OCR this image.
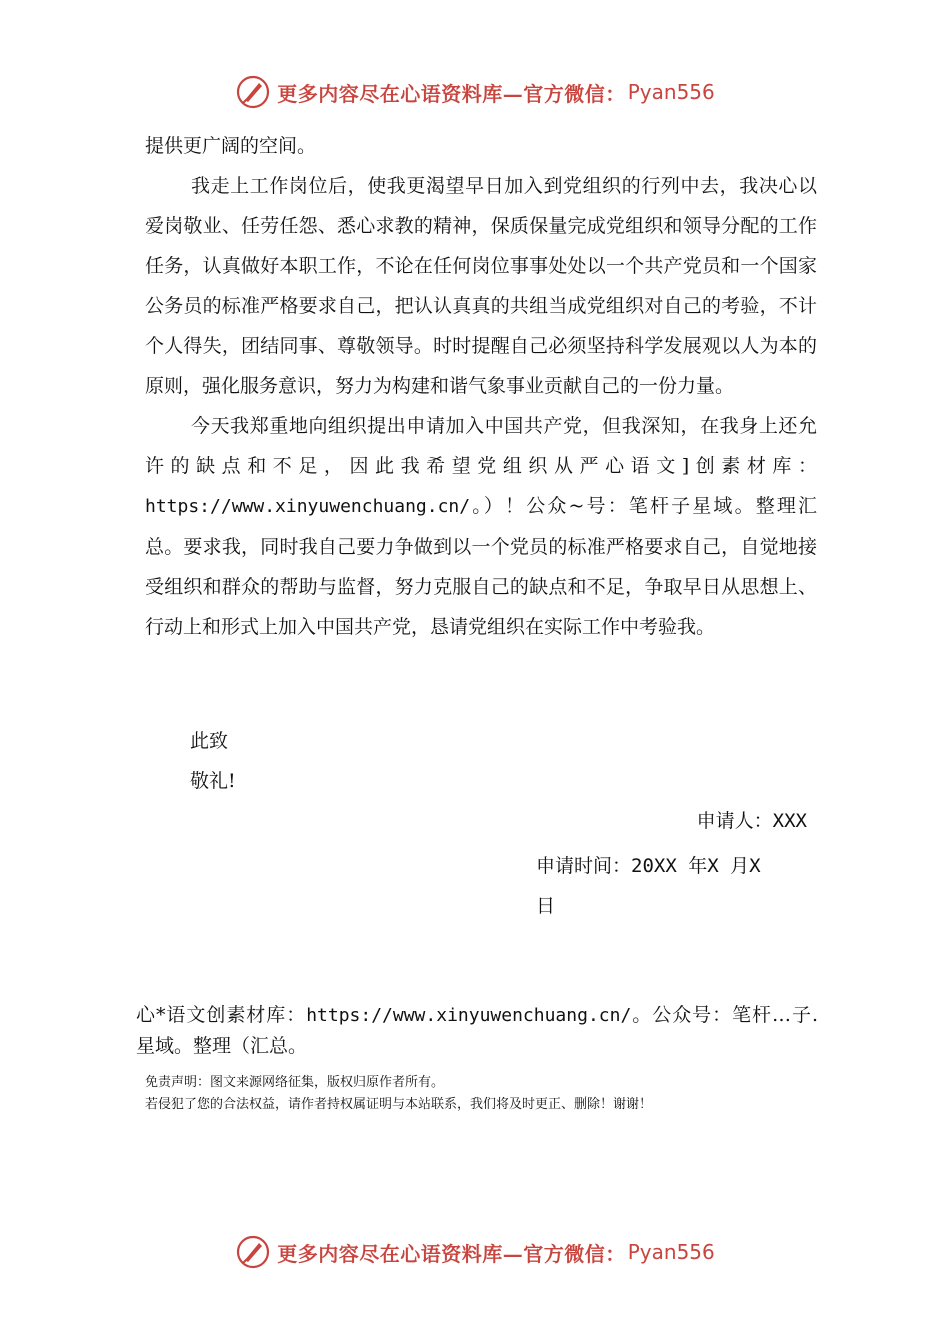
更多内容尽在心语资料库—官方微信： Pyan556

提供更广阔的空间。

我走上工作岗位后，使我更渴望早日加入到党组织的行列中去，我决心以爱岗敬业、任劳任怨、悉心求教的精神，保质保量完成党组织和领导分配的工作任务，认真做好本职工作，不论在任何岗位事事处处以一个共产党员和一个国家公务员的标准严格要求自己，把认认真真的共组当成党组织对自己的考验，不计个人得失，团结同事、尊敬领导。时时提醒自己必须坚持科学发展观以人为本的原则，强化服务意识，努力为构建和谐气象事业贡献自己的一份力量。

今天我郑重地向组织提出申请加入中国共产党，但我深知，在我身上还允许的缺点和不足，因此我希望党组织从严心语文]创素材库：https://www.xinyuwenchuang.cn/。）！公众~号：笔杆子星域。整理汇总。要求我，同时我自己要力争做到以一个党员的标准严格要求自己，自觉地接受组织和群众的帮助与监督，努力克服自己的缺点和不足，争取早日从思想上、行动上和形式上加入中国共产党，恳请党组织在实际工作中考验我。

此致
敬礼!
申请人：XXX
申请时间：20XX 年X 月X
日
心*语文创素材库：https://www.xinyuwenchuang.cn/。公众号：笔杆…子.星域。整理（汇总。
免责声明：图文来源网络征集，版权归原作者所有。
若侵犯了您的合法权益，请作者持权属证明与本站联系，我们将及时更正、删除！谢谢！
更多内容尽在心语资料库—官方微信： Pyan556
